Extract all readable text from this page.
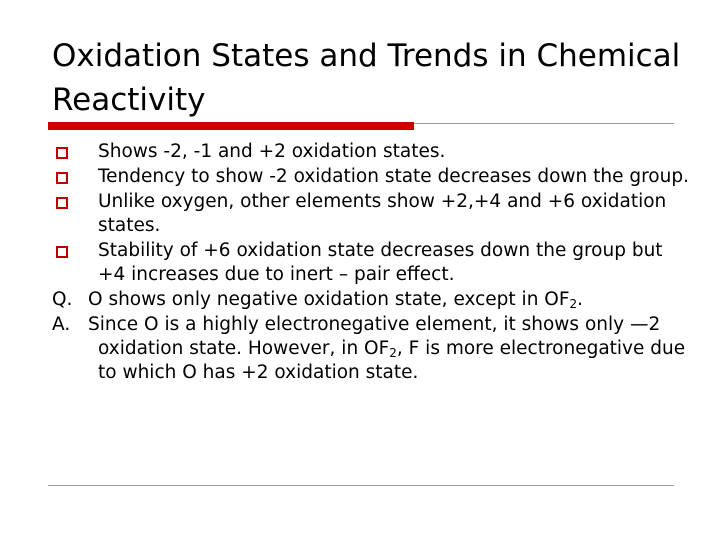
Oxidation States and Trends in Chemical Reactivity
Shows -2, -1 and +2 oxidation states.
Tendency to show -2 oxidation state decreases down the group.
Unlike oxygen, other elements show +2,+4 and +6 oxidation states.
Stability of +6 oxidation state decreases down the group but +4 increases due to inert – pair effect.
Q. O shows only negative oxidation state, except in $OF_2$.
A. Since O is a highly electronegative element, it shows only —2 oxidation state. However, in $OF_2$, F is more electronegative due to which O has +2 oxidation state.
